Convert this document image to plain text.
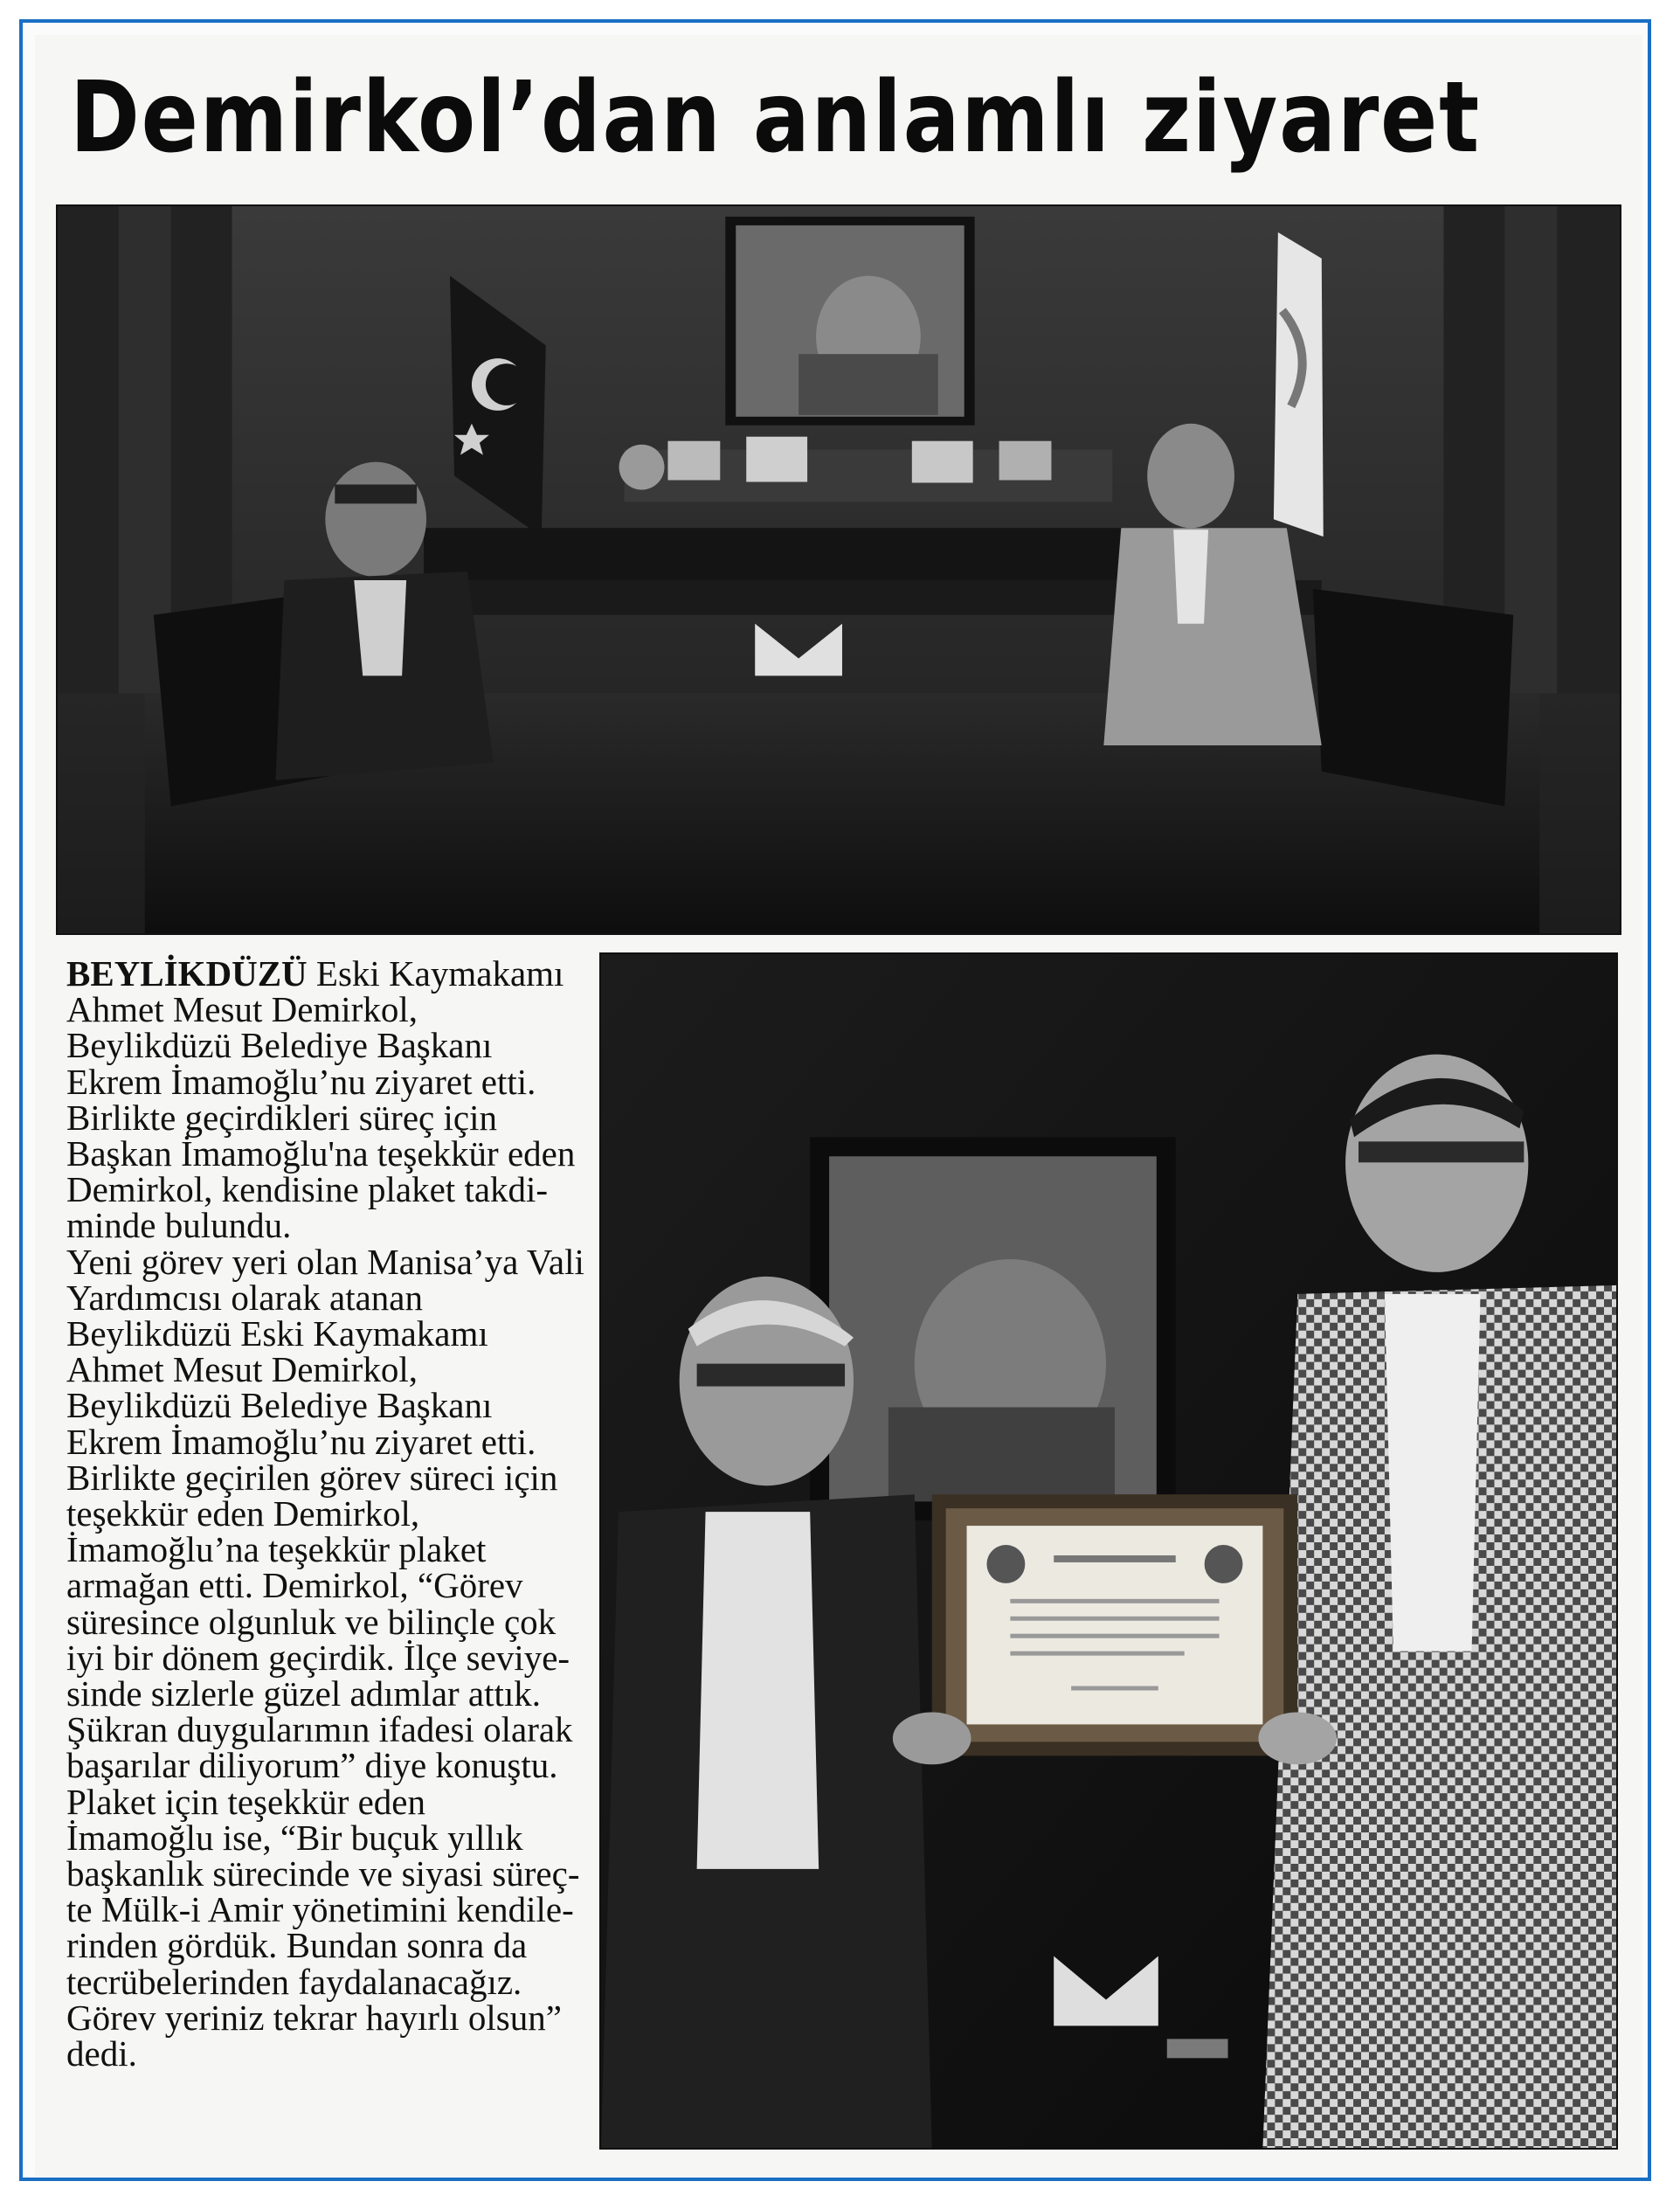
Demirkol’dan anlamlı ziyaret

BEYLİKDÜZÜ Eski Kaymakamı

Ahmet Mesut Demirkol,

Beylikdüzü Belediye Başkanı

Ekrem İmamoğlu’nu ziyaret etti.

Birlikte geçirdikleri süreç için

Başkan İmamoğlu'na teşekkür eden

Demirkol, kendisine plaket takdi-

minde bulundu.

Yeni görev yeri olan Manisa’ya Vali

Yardımcısı olarak atanan

Beylikdüzü Eski Kaymakamı

Ahmet Mesut Demirkol,

Beylikdüzü Belediye Başkanı

Ekrem İmamoğlu’nu ziyaret etti.

Birlikte geçirilen görev süreci için

teşekkür eden Demirkol,

İmamoğlu’na teşekkür plaket

armağan etti. Demirkol, “Görev

süresince olgunluk ve bilinçle çok

iyi bir dönem geçirdik. İlçe seviye-

sinde sizlerle güzel adımlar attık.

Şükran duygularımın ifadesi olarak

başarılar diliyorum” diye konuştu.

Plaket için teşekkür eden

İmamoğlu ise, “Bir buçuk yıllık

başkanlık sürecinde ve siyasi süreç-

te Mülk-i Amir yönetimini kendile-

rinden gördük. Bundan sonra da

tecrübelerinden faydalanacağız.

Görev yeriniz tekrar hayırlı olsun”

dedi.
